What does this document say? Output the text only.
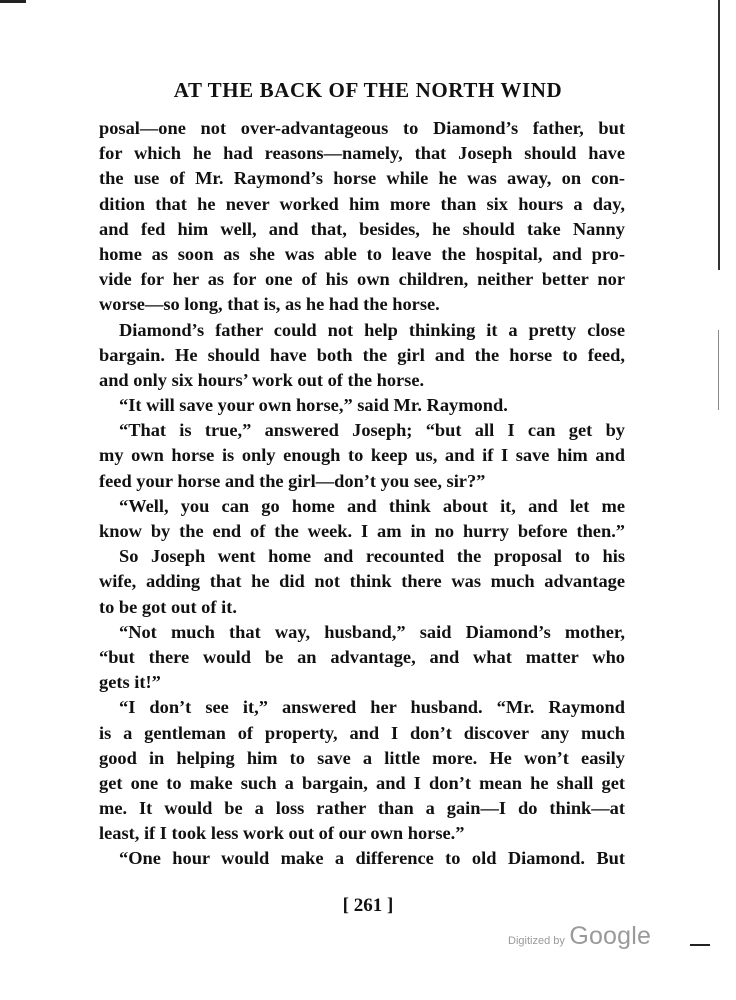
AT THE BACK OF THE NORTH WIND
posal—one not over-advantageous to Diamond’s father, but
for which he had reasons—namely, that Joseph should have
the use of Mr. Raymond’s horse while he was away, on con-
dition that he never worked him more than six hours a day,
and fed him well, and that, besides, he should take Nanny
home as soon as she was able to leave the hospital, and pro-
vide for her as for one of his own children, neither better nor
worse—so long, that is, as he had the horse.
Diamond’s father could not help thinking it a pretty close
bargain. He should have both the girl and the horse to feed,
and only six hours’ work out of the horse.
“It will save your own horse,” said Mr. Raymond.
“That is true,” answered Joseph; “but all I can get by
my own horse is only enough to keep us, and if I save him and
feed your horse and the girl—don’t you see, sir?”
“Well, you can go home and think about it, and let me
know by the end of the week. I am in no hurry before then.”
So Joseph went home and recounted the proposal to his
wife, adding that he did not think there was much advantage
to be got out of it.
“Not much that way, husband,” said Diamond’s mother,
“but there would be an advantage, and what matter who
gets it!”
“I don’t see it,” answered her husband. “Mr. Raymond
is a gentleman of property, and I don’t discover any much
good in helping him to save a little more. He won’t easily
get one to make such a bargain, and I don’t mean he shall get
me. It would be a loss rather than a gain—I do think—at
least, if I took less work out of our own horse.”
“One hour would make a difference to old Diamond. But
[ 261 ]
Digitized by Google
